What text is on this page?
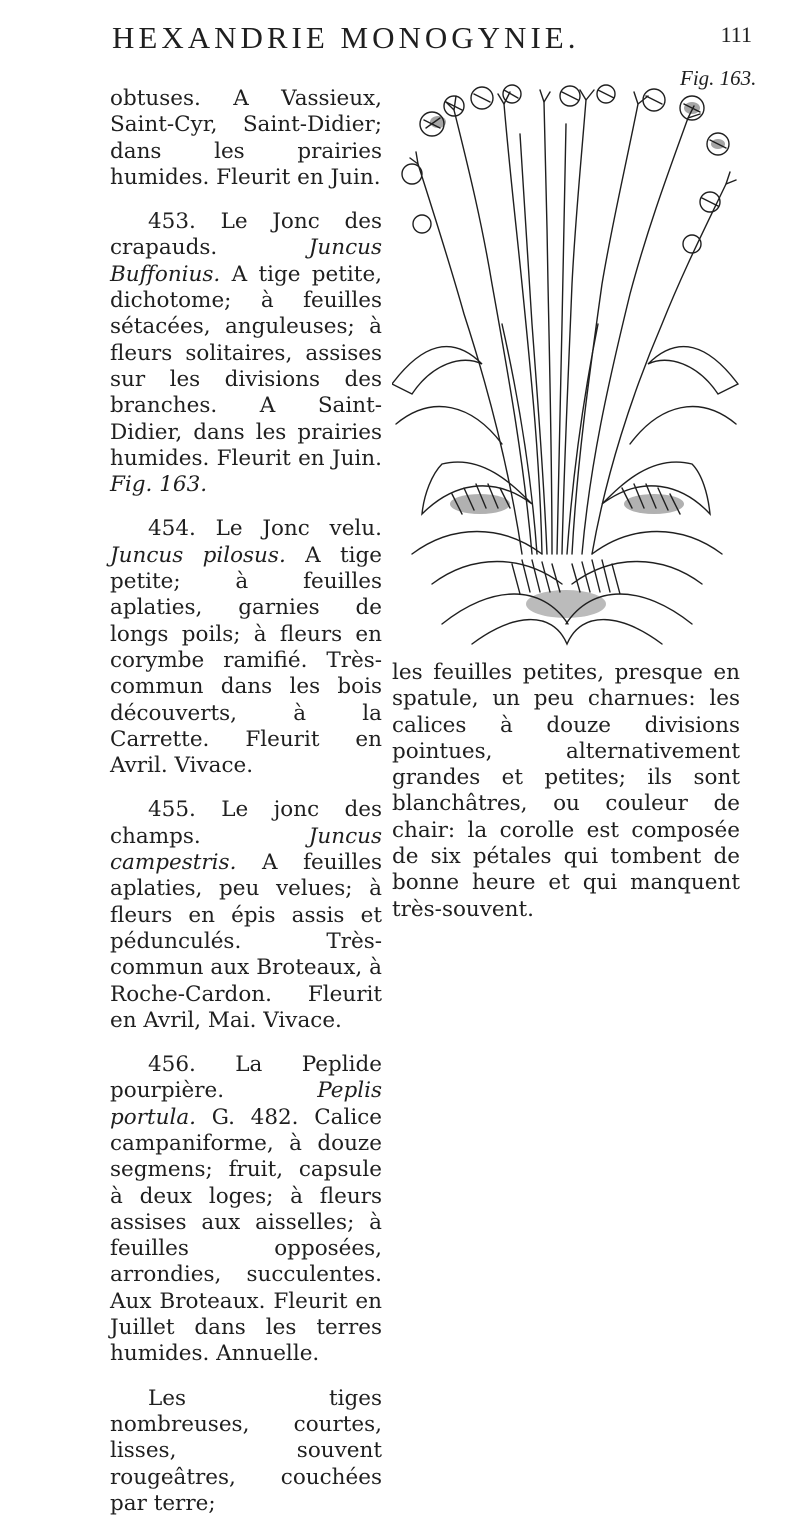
HEXANDRIE MONOGYNIE.	111
Fig. 163.

obtuses. A Vassieux, Saint-Cyr, Saint-Didier; dans les prairies humides. Fleurit en Juin.

453. Le Jonc des crapauds.	Juncus Buffonius. A tige petite, dichotome; à feuilles sétacées, anguleuses; à fleurs solitaires, assises sur les divisions des branches. A Saint-Didier, dans les prairies humides. Fleurit en Juin. Fig. 163.

454. Le Jonc velu. Juncus pilosus. A tige petite; à feuilles aplaties, garnies de longs poils; à fleurs en corymbe ramifié. Très-commun dans les bois découverts, à la Carrette. Fleurit en Avril. Vivace.

455. Le jonc des champs.	Juncus campestris. A feuilles aplaties, peu velues; à fleurs en épis assis et pédunculés. Très-commun aux Broteaux, à Roche-Cardon. Fleurit en Avril, Mai. Vivace.

456. La Peplide pourpière.	Peplis portula. G. 482. Calice campaniforme, à douze segmens; fruit, capsule à deux loges; à fleurs assises aux aisselles; à feuilles opposées, arrondies, succulentes. Aux Broteaux. Fleurit en Juillet dans les terres humides. Annuelle.

Les tiges nombreuses, courtes, lisses, souvent rougeâtres, couchées par terre;

les feuilles petites, presque en spatule, un peu charnues: les calices à douze divisions pointues, alternativement grandes et petites; ils sont blanchâtres, ou couleur de chair: la corolle est composée de six pétales qui tombent de bonne heure et qui manquent très-souvent.
